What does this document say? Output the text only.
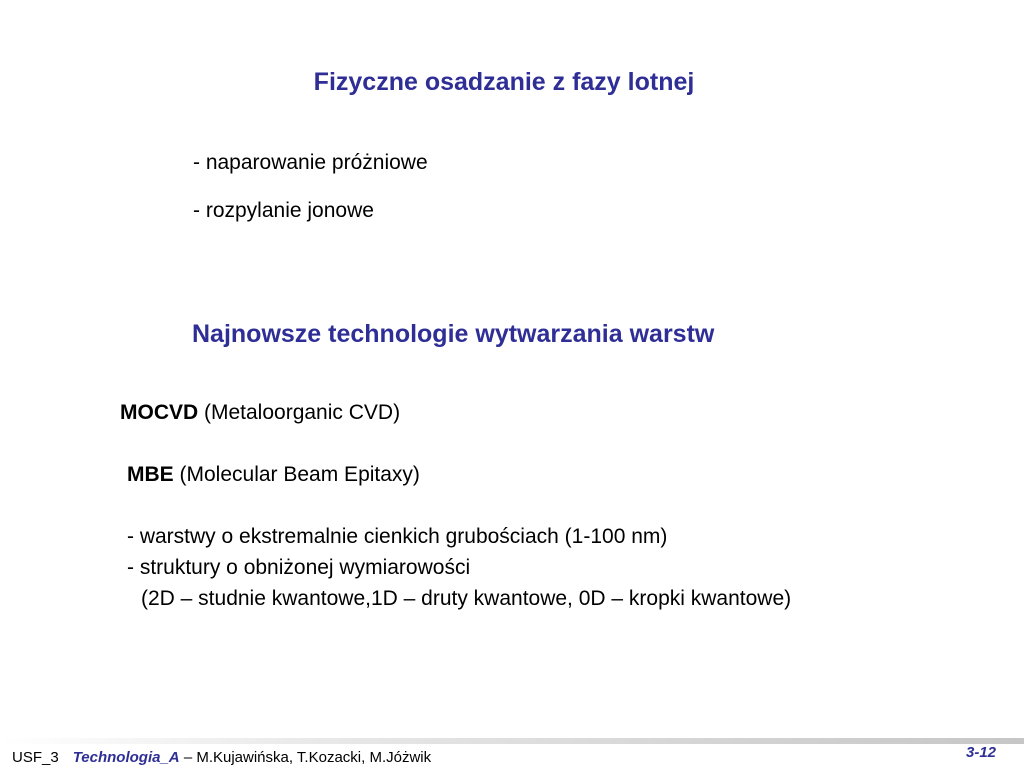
Fizyczne osadzanie z fazy lotnej
- naparowanie próżniowe
- rozpylanie jonowe
Najnowsze technologie wytwarzania warstw
MOCVD (Metaloorganic CVD)
MBE (Molecular Beam Epitaxy)
- warstwy o ekstremalnie cienkich grubościach (1-100 nm)
- struktury o obniżonej wymiarowości
(2D – studnie kwantowe,1D – druty kwantowe, 0D – kropki kwantowe)
USF_3 Technologia_A – M.Kujawińska, T.Kozacki, M.Jóżwik	3-12
